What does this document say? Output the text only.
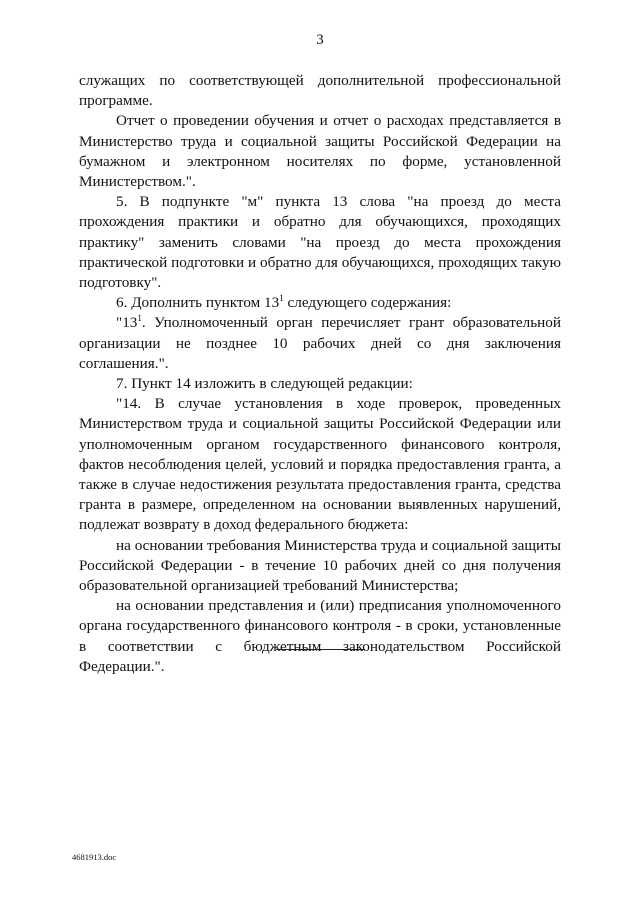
3

служащих по соответствующей дополнительной профессиональной программе.

Отчет о проведении обучения и отчет о расходах представляется в Министерство труда и социальной защиты Российской Федерации на бумажном и электронном носителях по форме, установленной Министерством.".

5. В подпункте "м" пункта 13 слова "на проезд до места прохождения практики и обратно для обучающихся, проходящих практику" заменить словами "на проезд до места прохождения практической подготовки и обратно для обучающихся, проходящих такую подготовку".

6. Дополнить пунктом $13^1$ следующего содержания:

"$13^1$. Уполномоченный орган перечисляет грант образовательной организации не позднее 10 рабочих дней со дня заключения соглашения.".

7. Пункт 14 изложить в следующей редакции:

"14. В случае установления в ходе проверок, проведенных Министерством труда и социальной защиты Российской Федерации или уполномоченным органом государственного финансового контроля, фактов несоблюдения целей, условий и порядка предоставления гранта, а также в случае недостижения результата предоставления гранта, средства гранта в размере, определенном на основании выявленных нарушений, подлежат возврату в доход федерального бюджета:

на основании требования Министерства труда и социальной защиты Российской Федерации - в течение 10 рабочих дней со дня получения образовательной организацией требований Министерства;

на основании представления и (или) предписания уполномоченного органа государственного финансового контроля - в сроки, установленные в соответствии с бюджетным законодательством Российской Федерации.".

4681913.doc
